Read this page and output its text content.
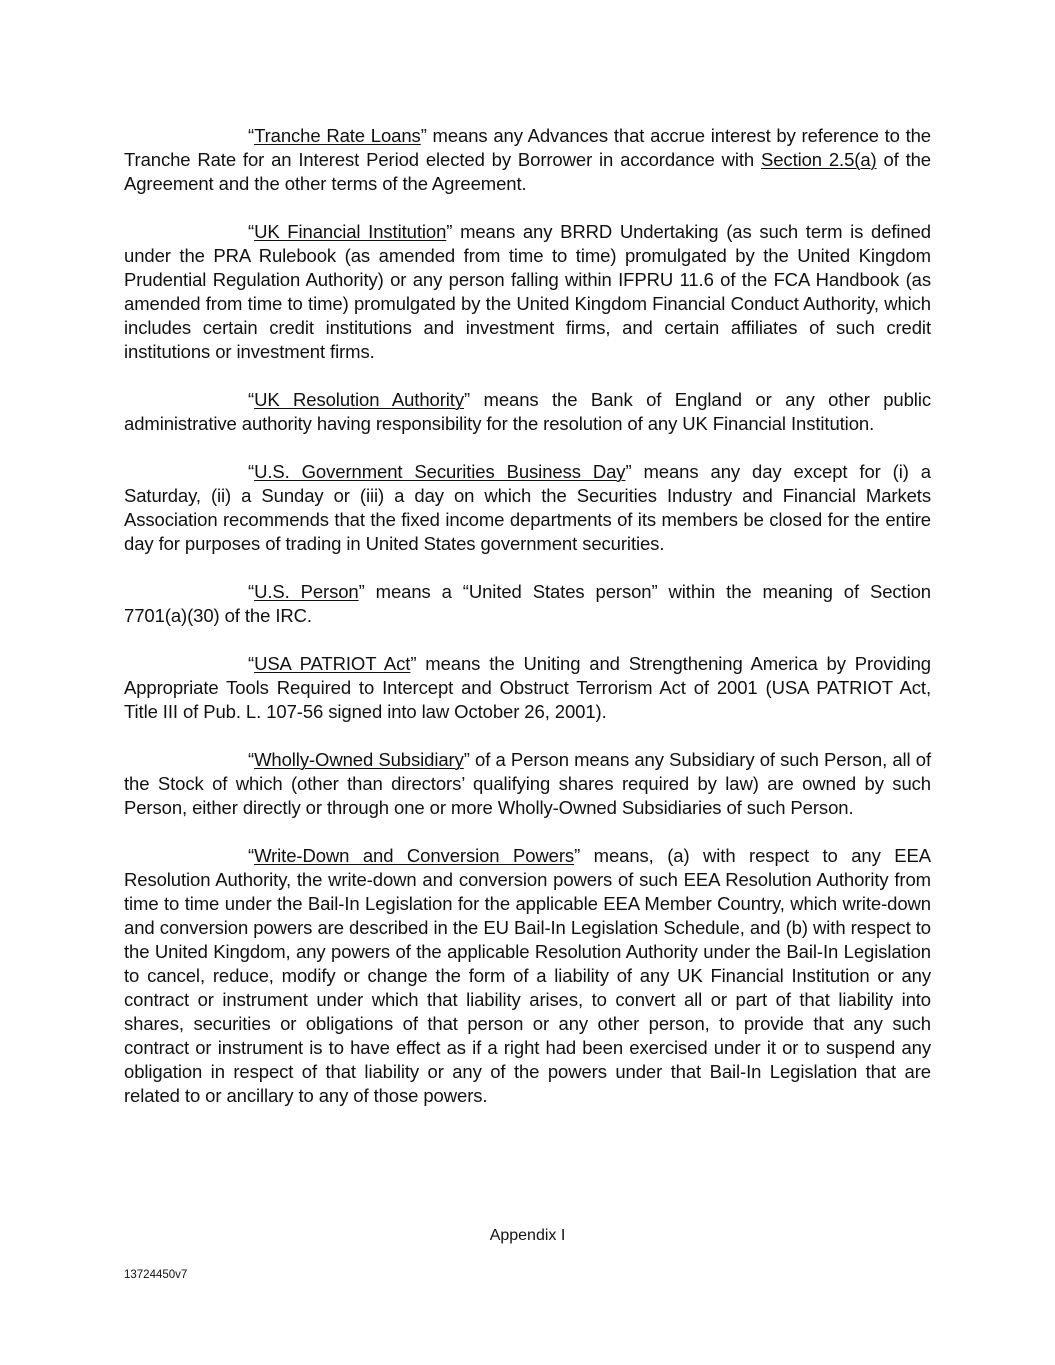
“Tranche Rate Loans” means any Advances that accrue interest by reference to the Tranche Rate for an Interest Period elected by Borrower in accordance with Section 2.5(a) of the Agreement and the other terms of the Agreement.

“UK Financial Institution” means any BRRD Undertaking (as such term is defined under the PRA Rulebook (as amended from time to time) promulgated by the United Kingdom Prudential Regulation Authority) or any person falling within IFPRU 11.6 of the FCA Handbook (as amended from time to time) promulgated by the United Kingdom Financial Conduct Authority, which includes certain credit institutions and investment firms, and certain affiliates of such credit institutions or investment firms.

“UK Resolution Authority” means the Bank of England or any other public administrative authority having responsibility for the resolution of any UK Financial Institution.

“U.S. Government Securities Business Day” means any day except for (i) a Saturday, (ii) a Sunday or (iii) a day on which the Securities Industry and Financial Markets Association recommends that the fixed income departments of its members be closed for the entire day for purposes of trading in United States government securities.

“U.S. Person” means a “United States person” within the meaning of Section 7701(a)(30) of the IRC.

“USA PATRIOT Act” means the Uniting and Strengthening America by Providing Appropriate Tools Required to Intercept and Obstruct Terrorism Act of 2001 (USA PATRIOT Act, Title III of Pub. L. 107-56 signed into law October 26, 2001).

“Wholly-Owned Subsidiary” of a Person means any Subsidiary of such Person, all of the Stock of which (other than directors’ qualifying shares required by law) are owned by such Person, either directly or through one or more Wholly-Owned Subsidiaries of such Person.

“Write-Down and Conversion Powers” means, (a) with respect to any EEA Resolution Authority, the write-down and conversion powers of such EEA Resolution Authority from time to time under the Bail-In Legislation for the applicable EEA Member Country, which write-down and conversion powers are described in the EU Bail-In Legislation Schedule, and (b) with respect to the United Kingdom, any powers of the applicable Resolution Authority under the Bail-In Legislation to cancel, reduce, modify or change the form of a liability of any UK Financial Institution or any contract or instrument under which that liability arises, to convert all or part of that liability into shares, securities or obligations of that person or any other person, to provide that any such contract or instrument is to have effect as if a right had been exercised under it or to suspend any obligation in respect of that liability or any of the powers under that Bail-In Legislation that are related to or ancillary to any of those powers.

Appendix I
13724450v7
